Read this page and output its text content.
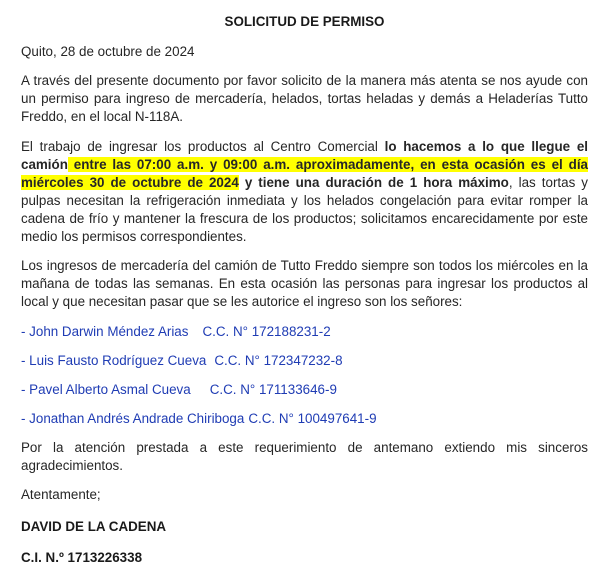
SOLICITUD DE PERMISO

Quito, 28 de octubre de 2024

A través del presente documento por favor solicito de la manera más atenta se nos ayude con un permiso para ingreso de mercadería, helados, tortas heladas y demás a Heladerías Tutto Freddo, en el local N-118A.

El trabajo de ingresar los productos al Centro Comercial lo hacemos a lo que llegue el camión entre las 07:00 a.m. y 09:00 a.m. aproximadamente, en esta ocasión es el día miércoles 30 de octubre de 2024 y tiene una duración de 1 hora máximo, las tortas y pulpas necesitan la refrigeración inmediata y los helados congelación para evitar romper la cadena de frío y mantener la frescura de los productos; solicitamos encarecidamente por este medio los permisos correspondientes.

Los ingresos de mercadería del camión de Tutto Freddo siempre son todos los miércoles en la mañana de todas las semanas. En esta ocasión las personas para ingresar los productos al local y que necesitan pasar que se les autorice el ingreso son los señores:

- John Darwin Méndez Arias C.C. N° 172188231-2

- Luis Fausto Rodríguez Cueva C.C. N° 172347232-8

- Pavel Alberto Asmal Cueva C.C. N° 171133646-9

- Jonathan Andrés Andrade Chiriboga C.C. N° 100497641-9

Por la atención prestada a este requerimiento de antemano extiendo mis sinceros agradecimientos.

Atentamente;

DAVID DE LA CADENA

C.I. N.º 1713226338
